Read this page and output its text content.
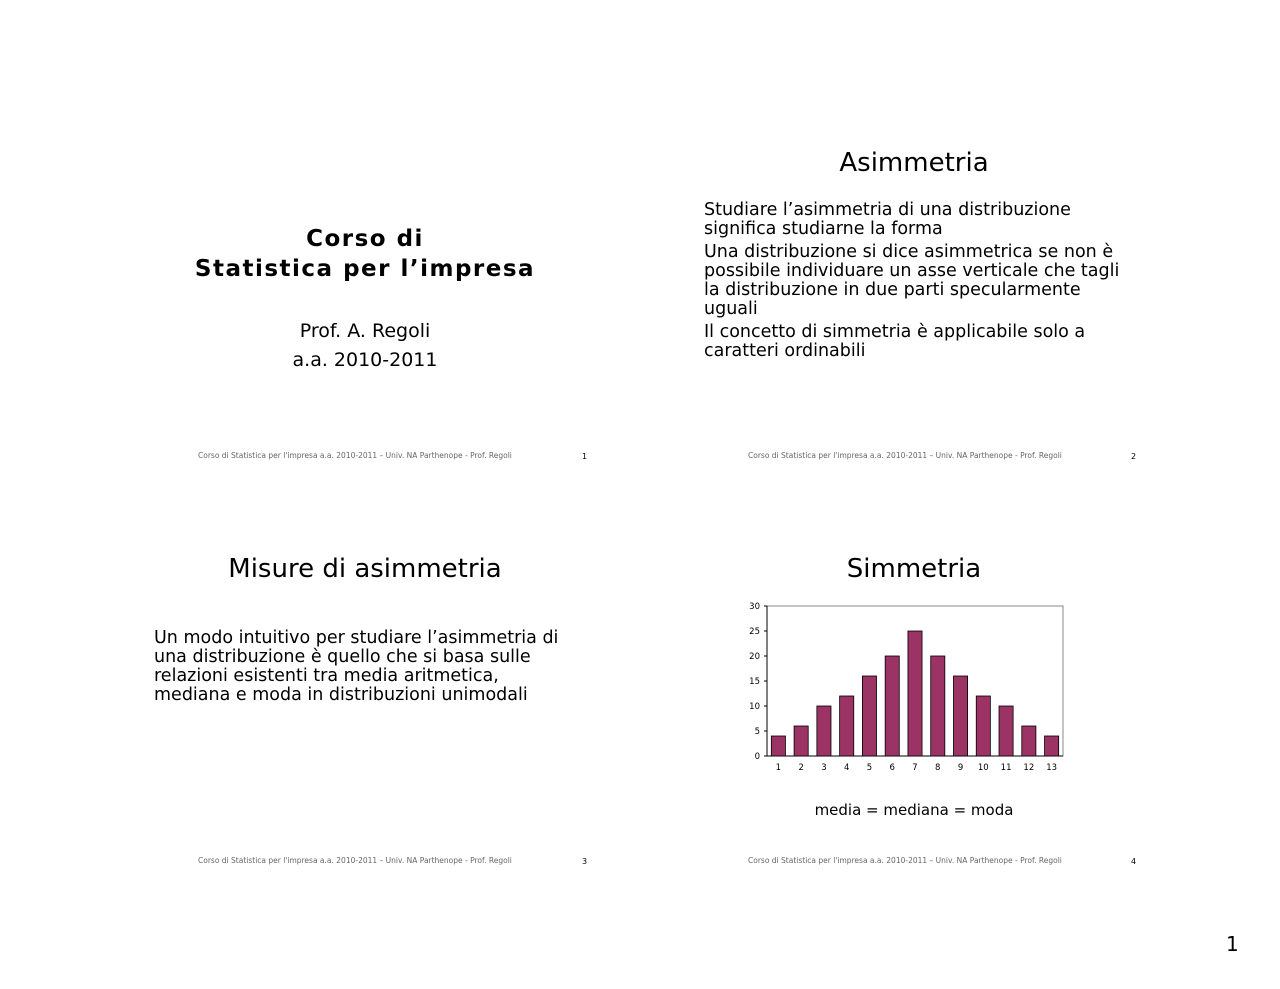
Corso di
Statistica per l’impresa
Prof. A. Regoli
a.a. 2010-2011
Corso di Statistica per l'impresa a.a. 2010-2011 – Univ. NA Parthenope - Prof. Regoli	1
Asimmetria

Studiare l’asimmetria di una distribuzione significa studiarne la forma

Una distribuzione si dice asimmetrica se non è possibile individuare un asse verticale che tagli la distribuzione in due parti specularmente uguali

Il concetto di simmetria è applicabile solo a caratteri ordinabili

Corso di Statistica per l'impresa a.a. 2010-2011 – Univ. NA Parthenope - Prof. Regoli	2
Misure di asimmetria
Un modo intuitivo per studiare l’asimmetria di una distribuzione è quello che si basa sulle relazioni esistenti tra media aritmetica, mediana e moda in distribuzioni unimodali
Corso di Statistica per l'impresa a.a. 2010-2011 – Univ. NA Parthenope - Prof. Regoli	3
Simmetria
0
5
10
15
20
25
30
1 2 3 4 5 6 7 8 9 10 11 12 13
media = mediana = moda
Corso di Statistica per l'impresa a.a. 2010-2011 – Univ. NA Parthenope - Prof. Regoli	4
1
